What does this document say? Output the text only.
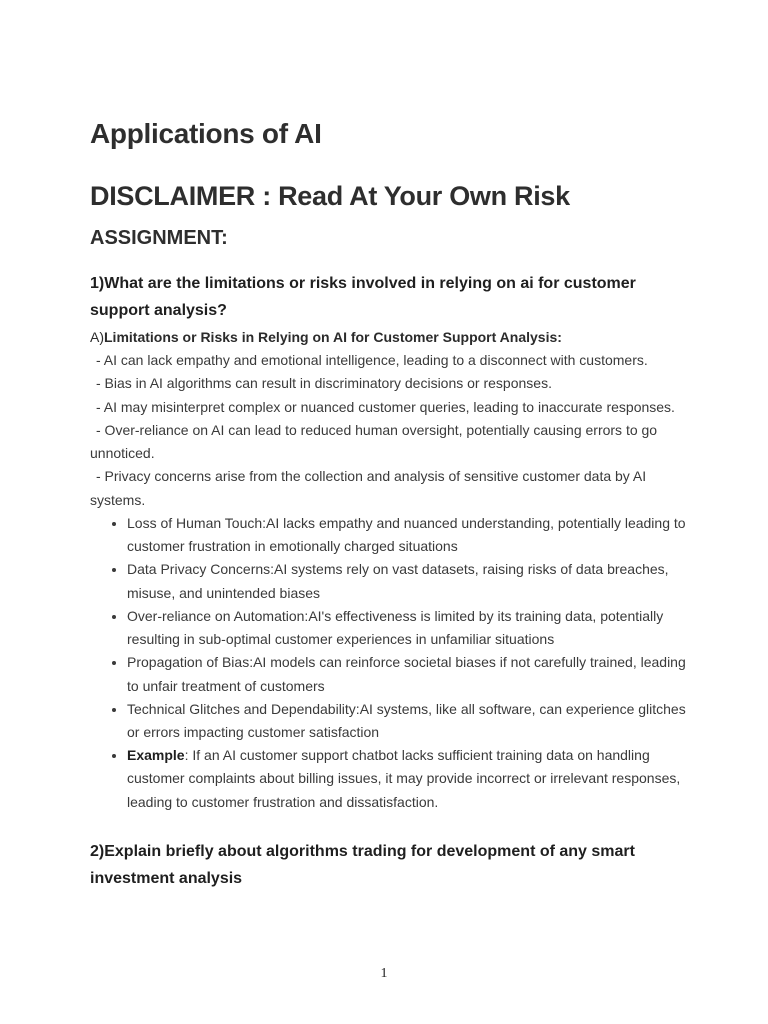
Applications of AI
DISCLAIMER : Read At Your Own Risk
ASSIGNMENT:

1)What are the limitations or risks involved in relying on ai for customer support analysis?

A)Limitations or Risks in Relying on AI for Customer Support Analysis:

- AI can lack empathy and emotional intelligence, leading to a disconnect with customers.

- Bias in AI algorithms can result in discriminatory decisions or responses.

- AI may misinterpret complex or nuanced customer queries, leading to inaccurate responses.

- Over-reliance on AI can lead to reduced human oversight, potentially causing errors to go unnoticed.

- Privacy concerns arise from the collection and analysis of sensitive customer data by AI systems.

• Loss of Human Touch:AI lacks empathy and nuanced understanding, potentially leading to customer frustration in emotionally charged situations
• Data Privacy Concerns:AI systems rely on vast datasets, raising risks of data breaches, misuse, and unintended biases
• Over-reliance on Automation:AI's effectiveness is limited by its training data, potentially resulting in sub-optimal customer experiences in unfamiliar situations
• Propagation of Bias:AI models can reinforce societal biases if not carefully trained, leading to unfair treatment of customers
• Technical Glitches and Dependability:AI systems, like all software, can experience glitches or errors impacting customer satisfaction
• Example: If an AI customer support chatbot lacks sufficient training data on handling customer complaints about billing issues, it may provide incorrect or irrelevant responses, leading to customer frustration and dissatisfaction.

2)Explain briefly about algorithms trading for development of any smart investment analysis

1
